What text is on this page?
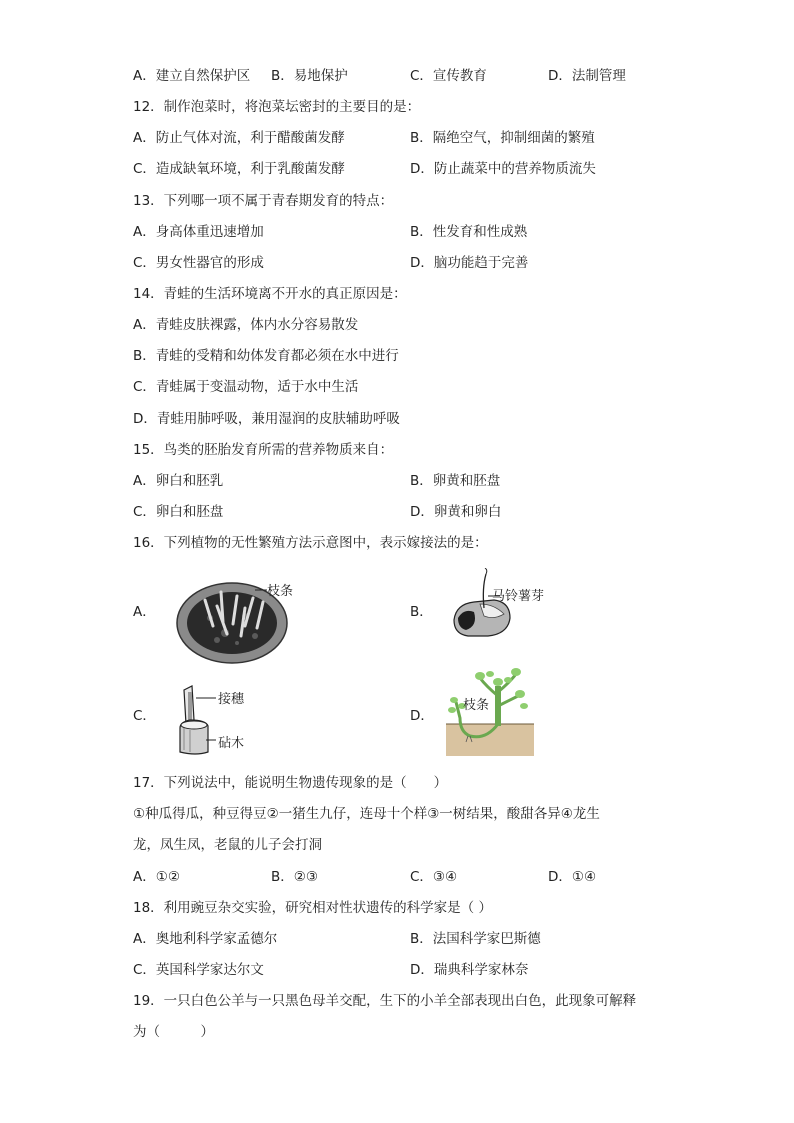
A．建立自然保护区 B．易地保护	C．宣传教育	D．法制管理
12．制作泡菜时，将泡菜坛密封的主要目的是：
A．防止气体对流，利于醋酸菌发酵	B．隔绝空气，抑制细菌的繁殖
C．造成缺氧环境，利于乳酸菌发酵	D．防止蔬菜中的营养物质流失
13．下列哪一项不属于青春期发育的特点：
A．身高体重迅速增加	B．性发育和性成熟
C．男女性器官的形成	D．脑功能趋于完善
14．青蛙的生活环境离不开水的真正原因是：
A．青蛙皮肤裸露，体内水分容易散发
B．青蛙的受精和幼体发育都必须在水中进行
C．青蛙属于变温动物，适于水中生活
D．青蛙用肺呼吸，兼用湿润的皮肤辅助呼吸
15．鸟类的胚胎发育所需的营养物质来自：
A．卵白和胚乳	B．卵黄和胚盘
C．卵白和胚盘	D．卵黄和卵白
16．下列植物的无性繁殖方法示意图中，表示嫁接法的是：
A．	B．
C．	D．
枝条	马铃薯芽
接穗
砧木
枝条
17．下列说法中，能说明生物遗传现象的是（　　）
①种瓜得瓜，种豆得豆②一猪生九仔，连母十个样③一树结果，酸甜各异④龙生
龙，凤生凤，老鼠的儿子会打洞
A．①②	B．②③	C．③④	D．①④
18．利用豌豆杂交实验，研究相对性状遗传的科学家是（ ）
A．奥地利科学家孟德尔	B．法国科学家巴斯德
C．英国科学家达尔文	D．瑞典科学家林奈
19．一只白色公羊与一只黑色母羊交配，生下的小羊全部表现出白色，此现象可解释
为（　　　）
